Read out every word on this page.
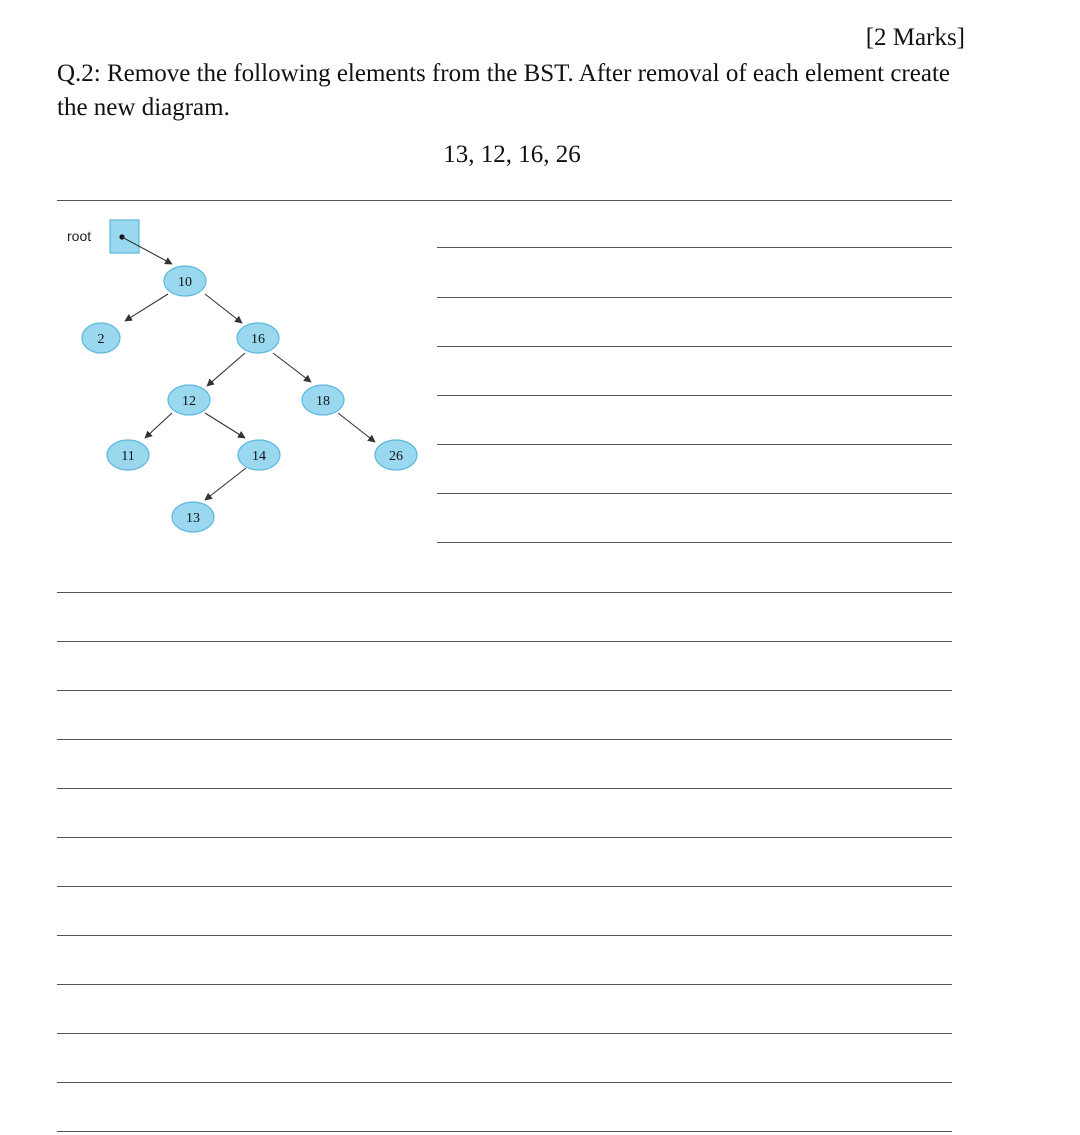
[2 Marks]
Q.2: Remove the following elements from the BST. After removal of each element create the new diagram.
13, 12, 16, 26
root
10
2	16
12	18
11	14	26
13
